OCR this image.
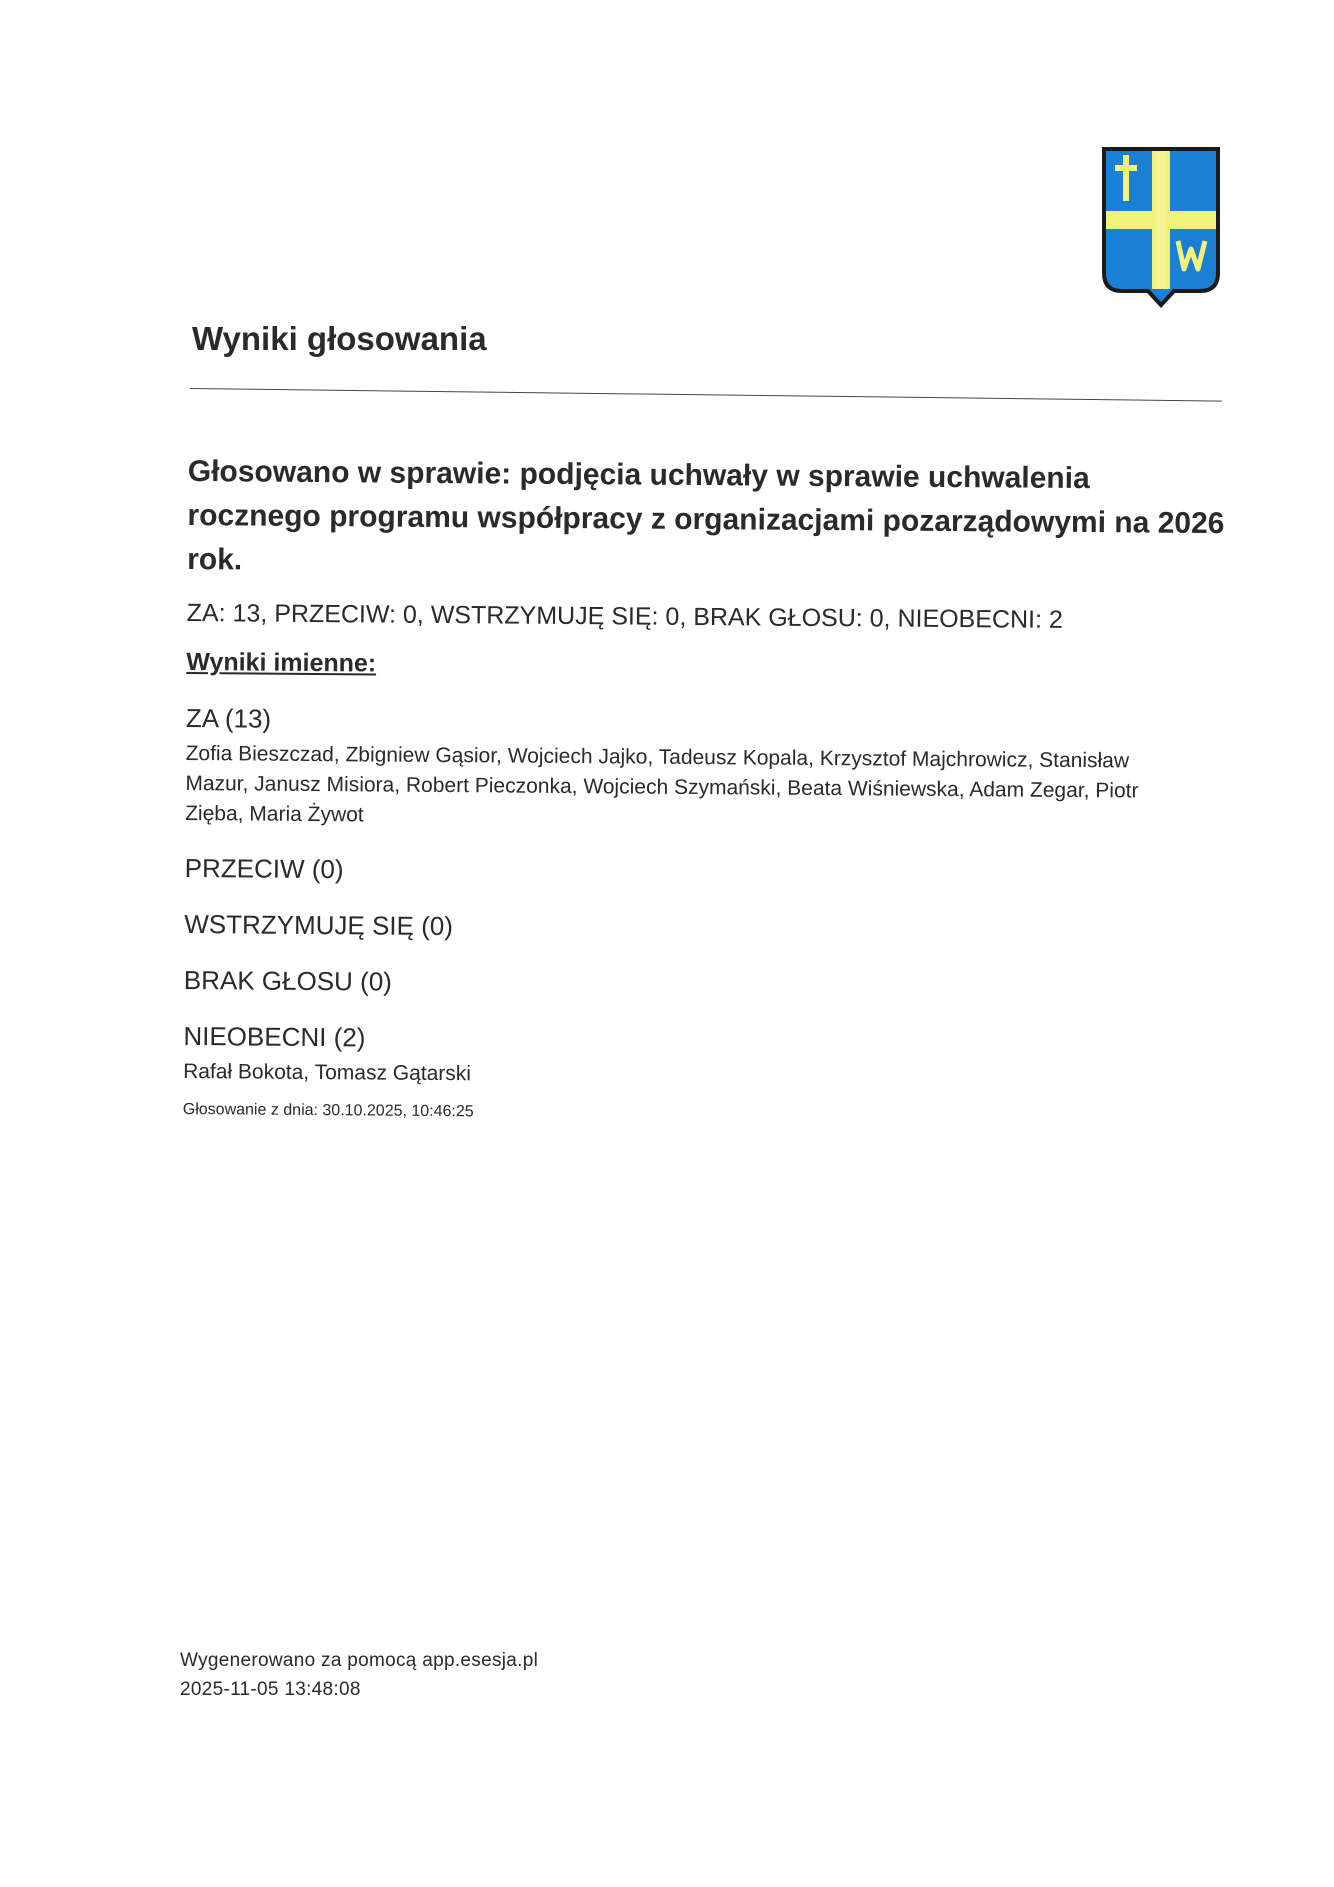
Wyniki głosowania

Głosowano w sprawie: podjęcia uchwały w sprawie uchwalenia rocznego programu współpracy z organizacjami pozarządowymi na 2026 rok.

ZA: 13, PRZECIW: 0, WSTRZYMUJĘ SIĘ: 0, BRAK GŁOSU: 0, NIEOBECNI: 2

Wyniki imienne:

ZA (13)

Zofia Bieszczad, Zbigniew Gąsior, Wojciech Jajko, Tadeusz Kopala, Krzysztof Majchrowicz, Stanisław Mazur, Janusz Misiora, Robert Pieczonka, Wojciech Szymański, Beata Wiśniewska, Adam Zegar, Piotr Zięba, Maria Żywot

PRZECIW (0)

WSTRZYMUJĘ SIĘ (0)

BRAK GŁOSU (0)

NIEOBECNI (2)

Rafał Bokota, Tomasz Gątarski

Głosowanie z dnia: 30.10.2025, 10:46:25

Wygenerowano za pomocą app.esesja.pl
2025-11-05 13:48:08
